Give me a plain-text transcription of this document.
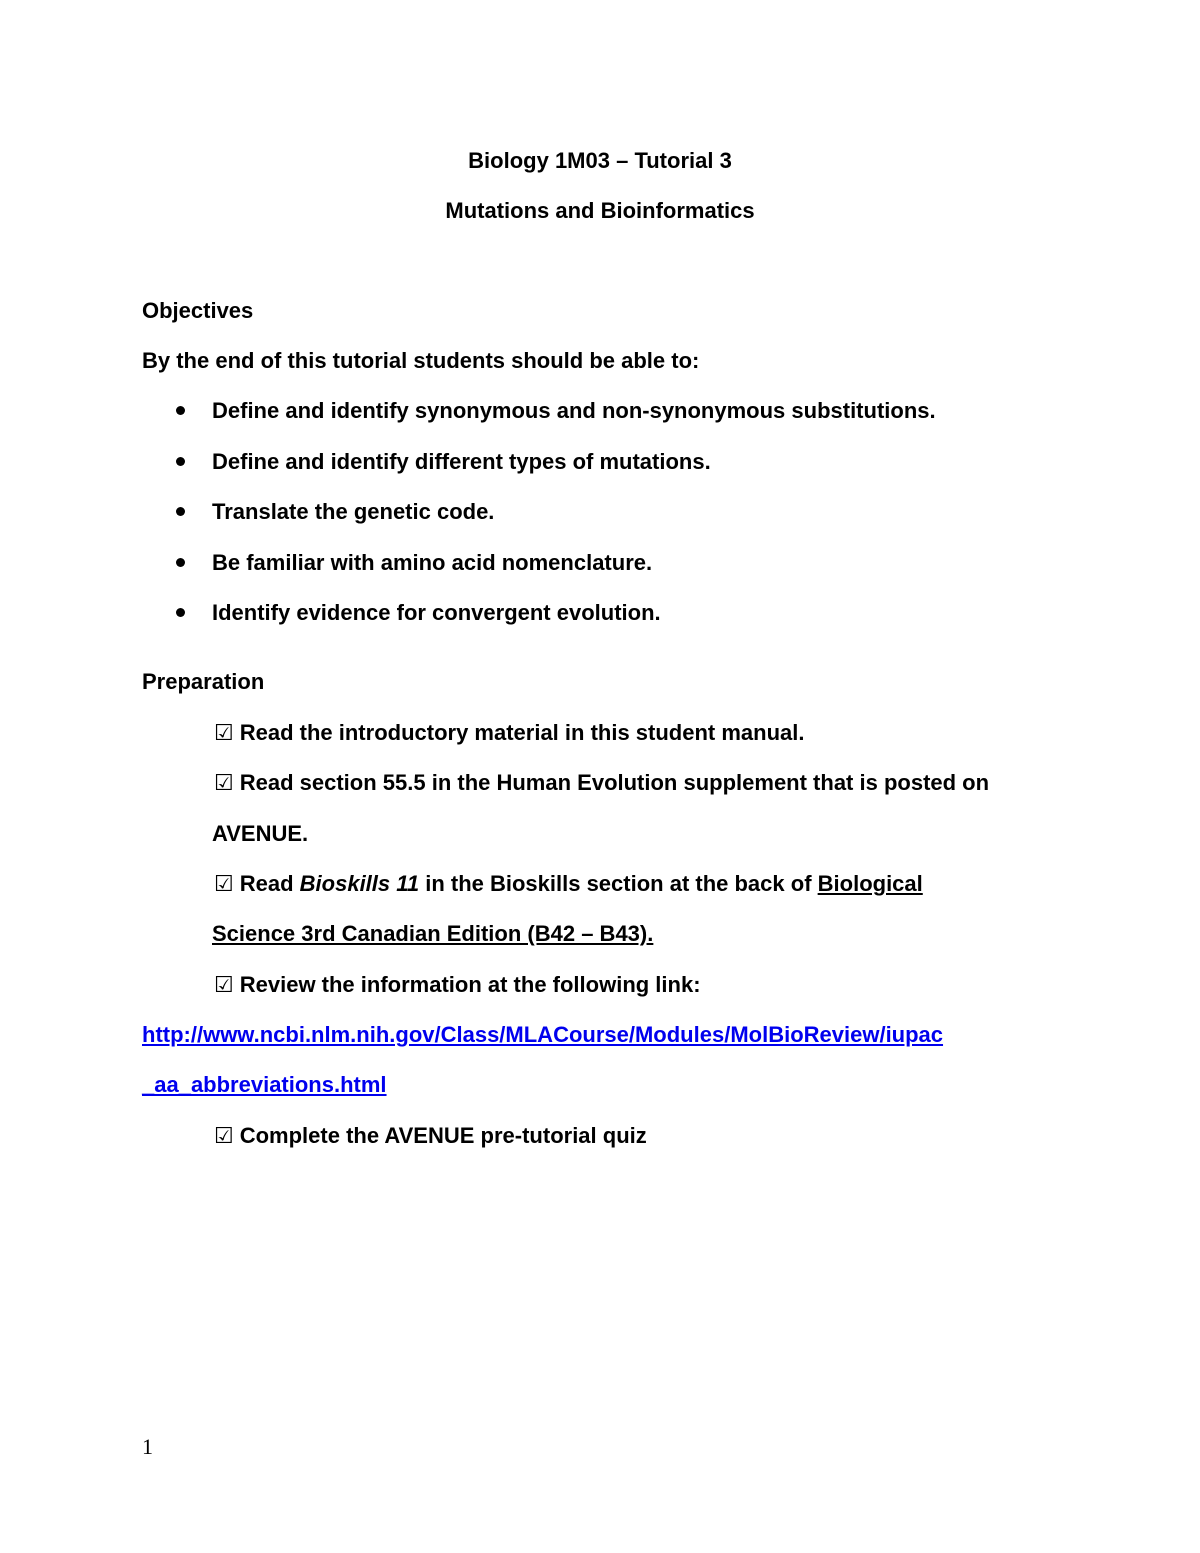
Biology 1M03 – Tutorial 3
Mutations and Bioinformatics
Objectives
By the end of this tutorial students should be able to:
Define and identify synonymous and non-synonymous substitutions.
Define and identify different types of mutations.
Translate the genetic code.
Be familiar with amino acid nomenclature.
Identify evidence for convergent evolution.
Preparation
☑ Read the introductory material in this student manual.
☑ Read section 55.5 in the Human Evolution supplement that is posted on
AVENUE.
☑ Read Bioskills 11 in the Bioskills section at the back of Biological
Science 3rd Canadian Edition (B42 – B43).
☑ Review the information at the following link:
http://www.ncbi.nlm.nih.gov/Class/MLACourse/Modules/MolBioReview/iupac
_aa_abbreviations.html
☑ Complete the AVENUE pre-tutorial quiz
1
